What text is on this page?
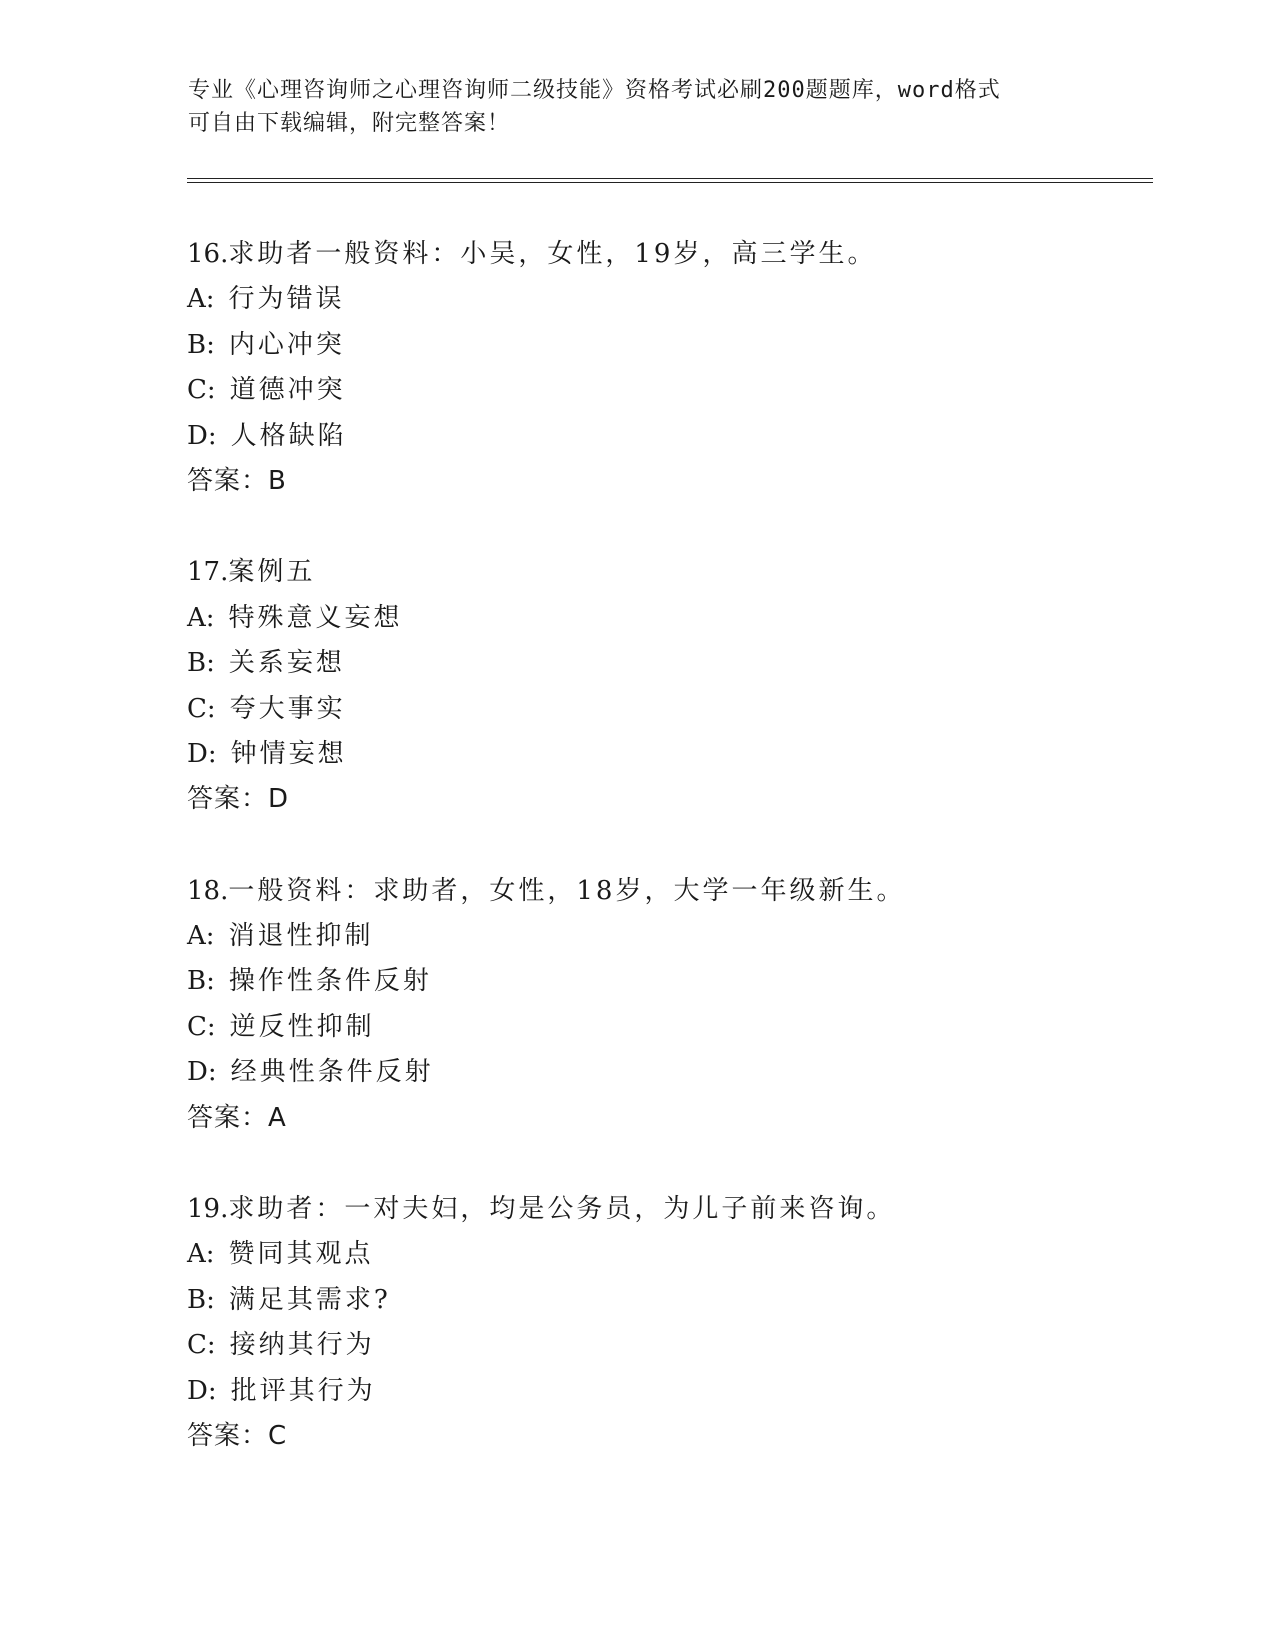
专业《心理咨询师之心理咨询师二级技能》资格考试必刷200题题库，word格式
可自由下载编辑，附完整答案！
16.求助者一般资料：小吴，女性，19岁，高三学生。
A: 行为错误
B: 内心冲突
C: 道德冲突
D: 人格缺陷
答案：B
17.案例五
A: 特殊意义妄想
B: 关系妄想
C: 夸大事实
D: 钟情妄想
答案：D
18.一般资料：求助者，女性，18岁，大学一年级新生。
A: 消退性抑制
B: 操作性条件反射
C: 逆反性抑制
D: 经典性条件反射
答案：A
19.求助者：一对夫妇，均是公务员，为儿子前来咨询。
A: 赞同其观点
B: 满足其需求?
C: 接纳其行为
D: 批评其行为
答案：C
